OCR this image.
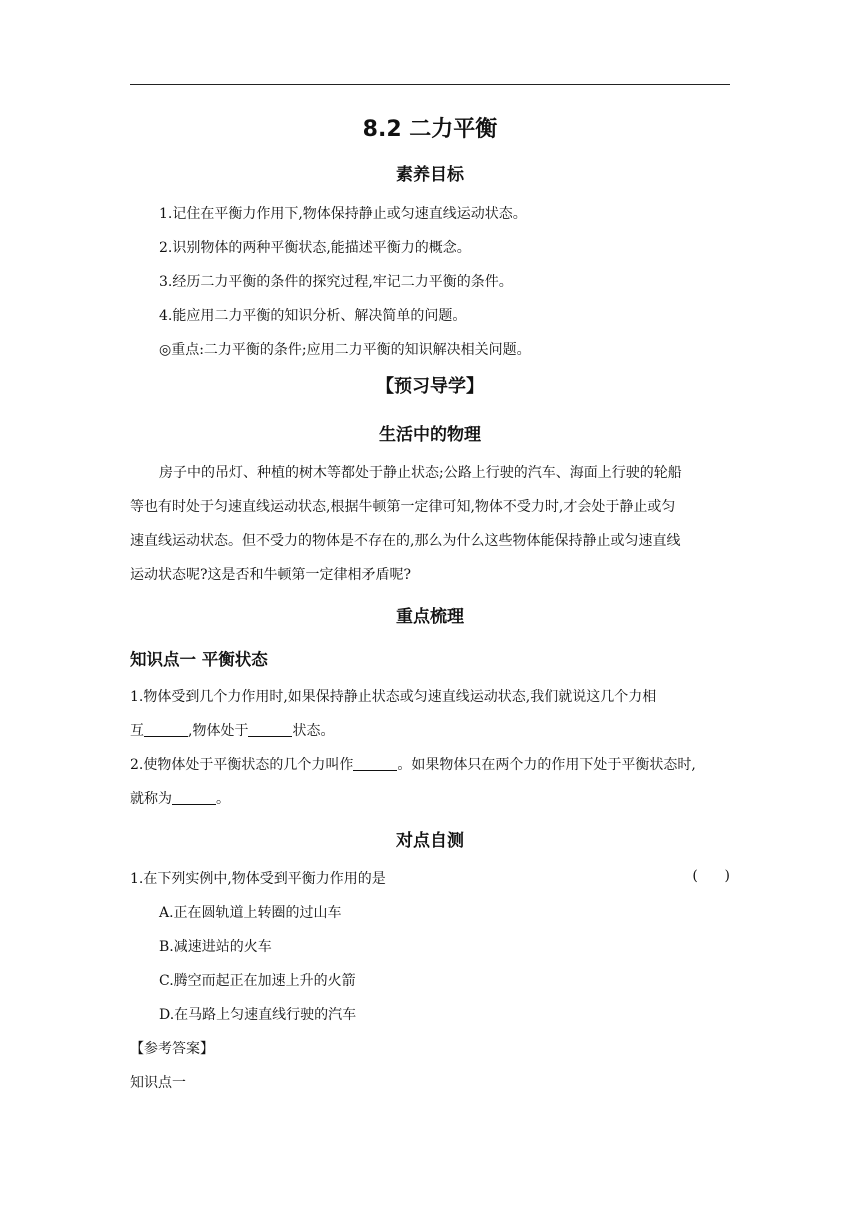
8.2 二力平衡
素养目标
1.记住在平衡力作用下,物体保持静止或匀速直线运动状态。
2.识别物体的两种平衡状态,能描述平衡力的概念。
3.经历二力平衡的条件的探究过程,牢记二力平衡的条件。
4.能应用二力平衡的知识分析、解决简单的问题。
◎重点:二力平衡的条件;应用二力平衡的知识解决相关问题。
【预习导学】
生活中的物理
房子中的吊灯、种植的树木等都处于静止状态;公路上行驶的汽车、海面上行驶的轮船
等也有时处于匀速直线运动状态,根据牛顿第一定律可知,物体不受力时,才会处于静止或匀
速直线运动状态。但不受力的物体是不存在的,那么为什么这些物体能保持静止或匀速直线
运动状态呢?这是否和牛顿第一定律相矛盾呢?
重点梳理
知识点一 平衡状态
1.物体受到几个力作用时,如果保持静止状态或匀速直线运动状态,我们就说这几个力相
互	,物体处于	状态。
2.使物体处于平衡状态的几个力叫作	。如果物体只在两个力的作用下处于平衡状态时,
就称为	。
对点自测
1.在下列实例中,物体受到平衡力作用的是	(      )
A.正在圆轨道上转圈的过山车
B.减速进站的火车
C.腾空而起正在加速上升的火箭
D.在马路上匀速直线行驶的汽车
【参考答案】
知识点一
